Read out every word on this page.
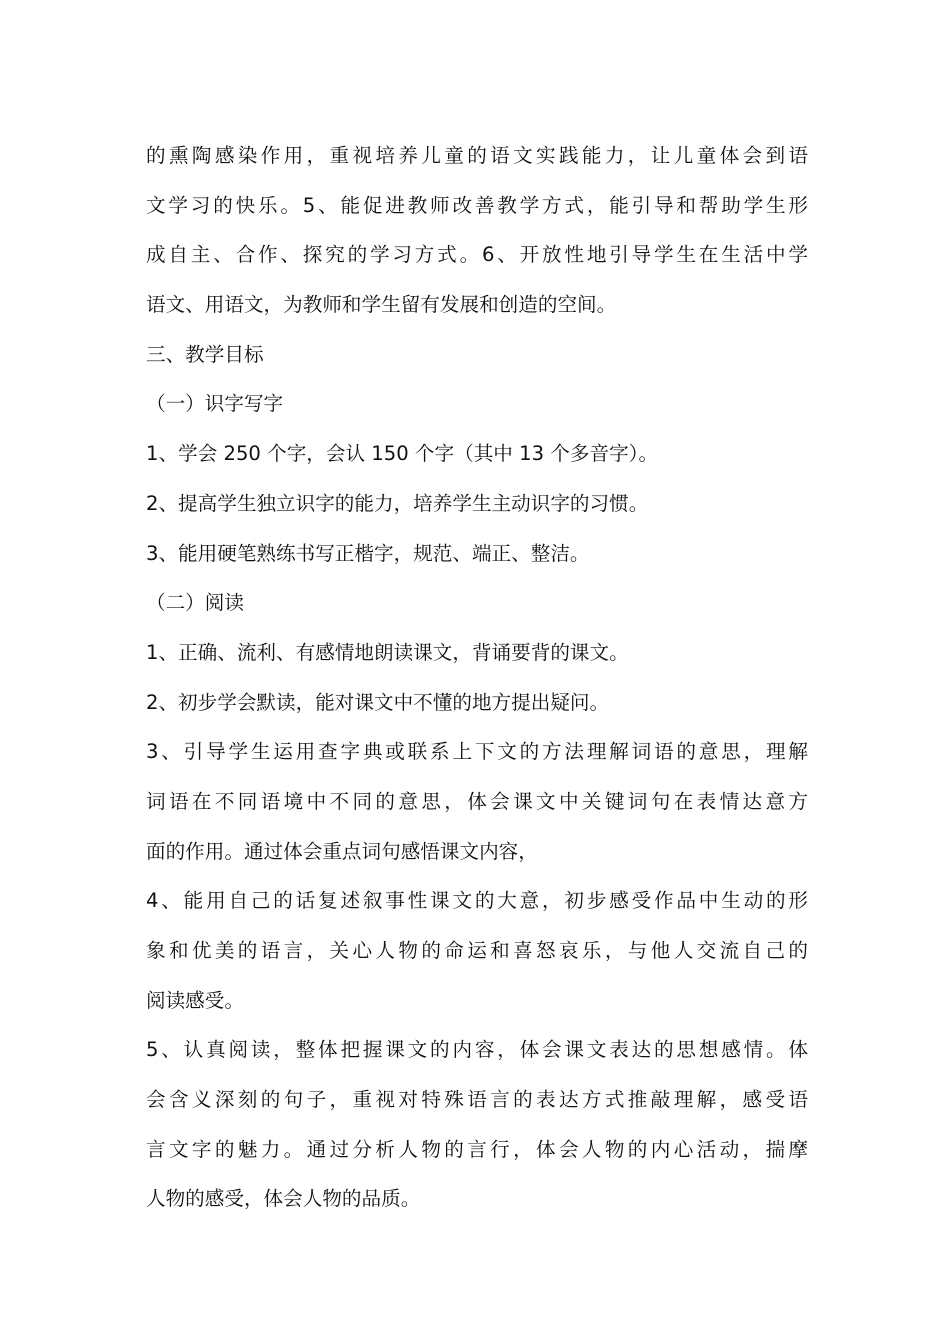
的熏陶感染作用，重视培养儿童的语文实践能力，让儿童体会到语
文学习的快乐。5、能促进教师改善教学方式，能引导和帮助学生形
成自主、合作、探究的学习方式。6、开放性地引导学生在生活中学
语文、用语文，为教师和学生留有发展和创造的空间。

三、教学目标

（一）识字写字

1、学会 250 个字，会认 150 个字（其中 13 个多音字）。

2、提高学生独立识字的能力，培养学生主动识字的习惯。

3、能用硬笔熟练书写正楷字，规范、端正、整洁。

（二）阅读

1、正确、流利、有感情地朗读课文，背诵要背的课文。

2、初步学会默读，能对课文中不懂的地方提出疑问。

3、引导学生运用查字典或联系上下文的方法理解词语的意思，理解
词语在不同语境中不同的意思，体会课文中关键词句在表情达意方
面的作用。通过体会重点词句感悟课文内容，

4、能用自己的话复述叙事性课文的大意，初步感受作品中生动的形
象和优美的语言，关心人物的命运和喜怒哀乐，与他人交流自己的
阅读感受。

5、认真阅读，整体把握课文的内容，体会课文表达的思想感情。体
会含义深刻的句子，重视对特殊语言的表达方式推敲理解，感受语
言文字的魅力。通过分析人物的言行，体会人物的内心活动，揣摩
人物的感受，体会人物的品质。
